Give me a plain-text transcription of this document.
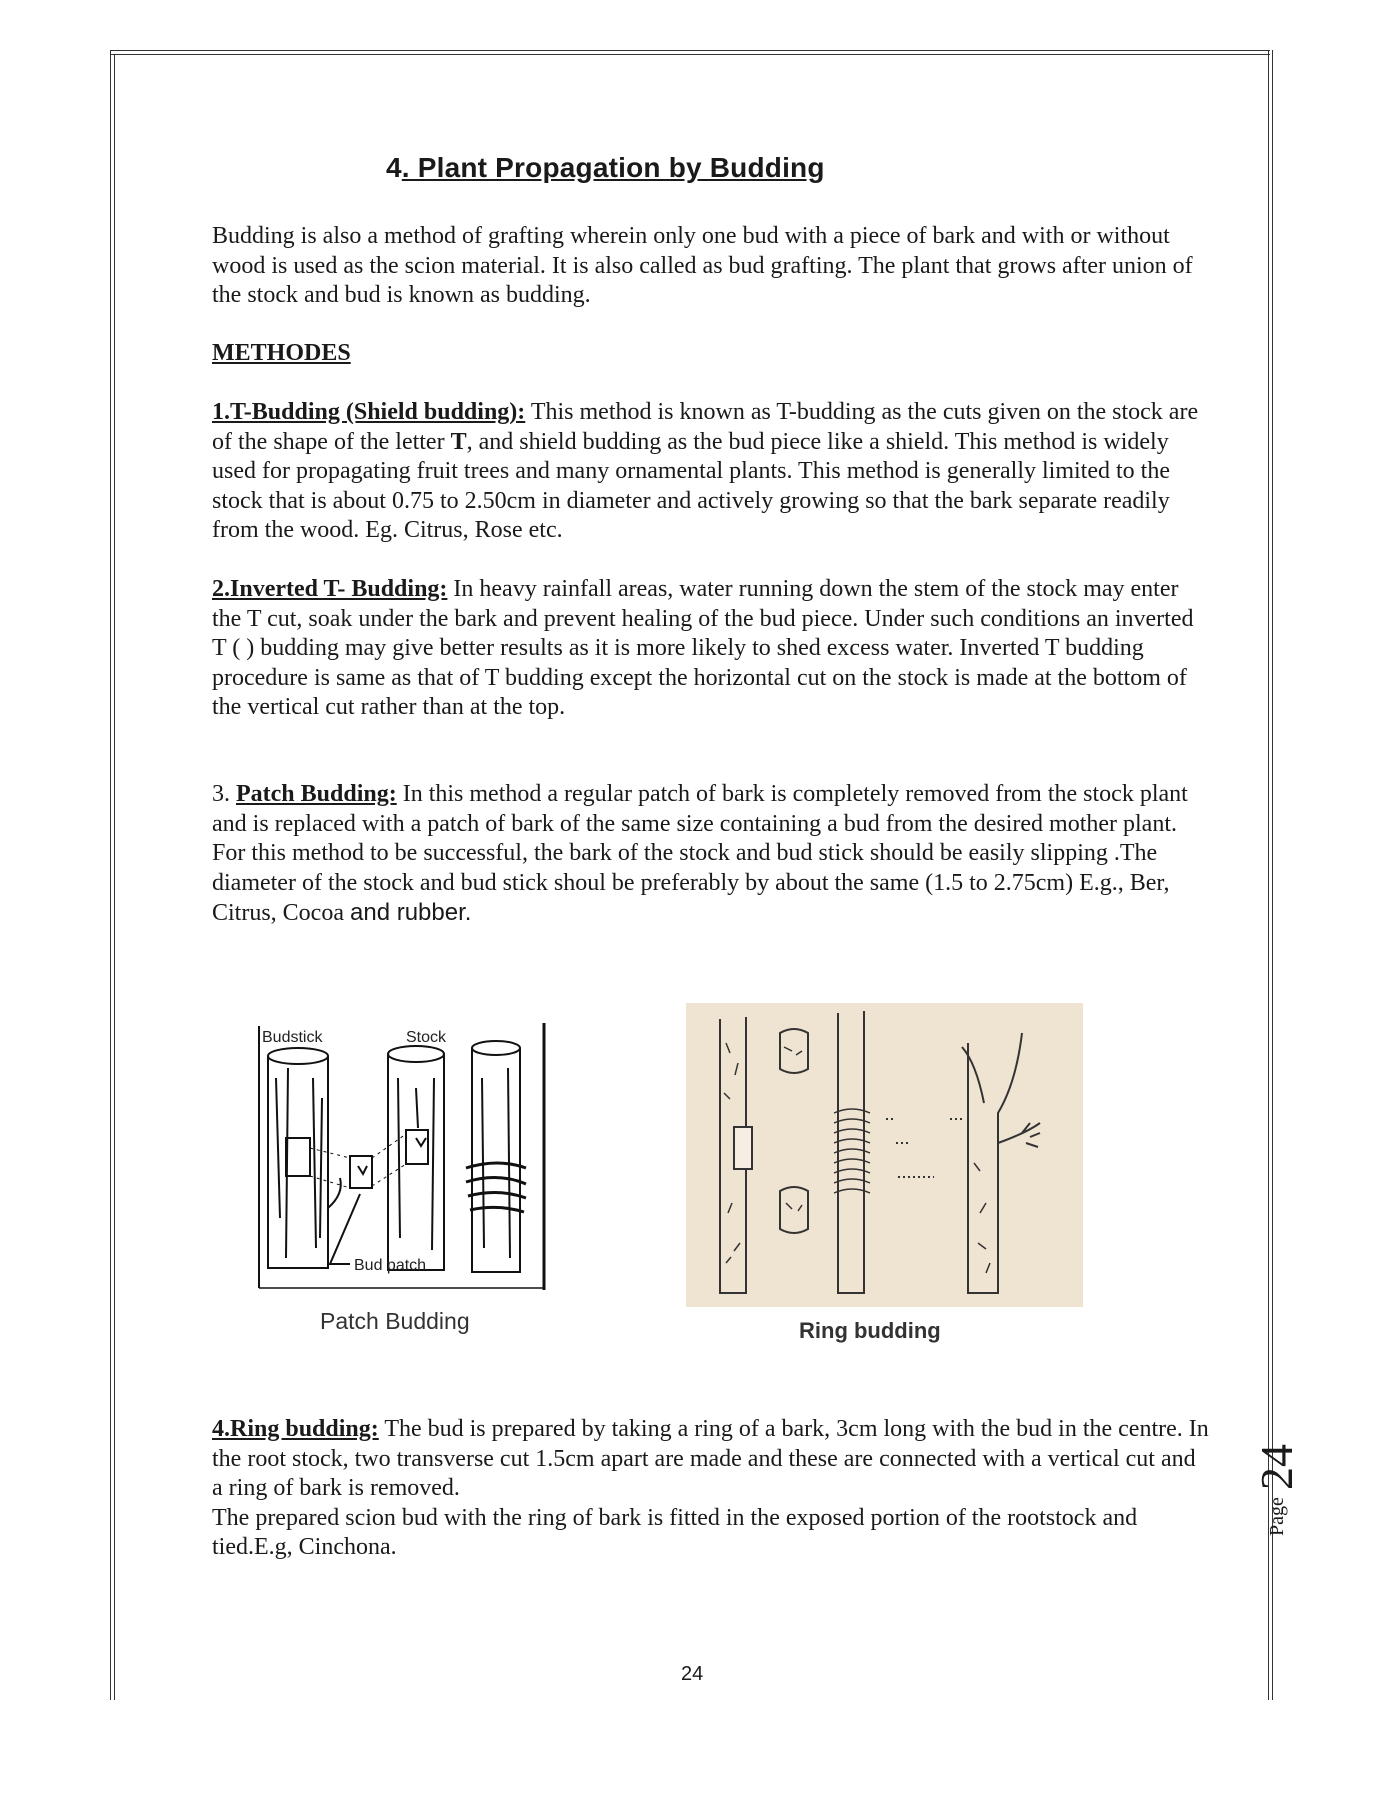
4. Plant Propagation by Budding
Budding is also a method of grafting wherein only one bud with a piece of bark and with or without wood is used as the scion material. It is also called as bud grafting. The plant that grows after union of the stock and bud is known as budding.
METHODES
1.T-Budding (Shield budding): This method is known as T-budding as the cuts given on the stock are of the shape of the letter T, and shield budding as the bud piece like a shield. This method is widely used for propagating fruit trees and many ornamental plants. This method is generally limited to the stock that is about 0.75 to 2.50cm in diameter and actively growing so that the bark separate readily from the wood. Eg. Citrus, Rose etc.
2.Inverted T- Budding: In heavy rainfall areas, water running down the stem of the stock may enter the T cut, soak under the bark and prevent healing of the bud piece. Under such conditions an inverted T ( ) budding may give better results as it is more likely to shed excess water. Inverted T budding procedure is same as that of T budding except the horizontal cut on the stock is made at the bottom of the vertical cut rather than at the top.
3. Patch Budding: In this method a regular patch of bark is completely removed from the stock plant and is replaced with a patch of bark of the same size containing a bud from the desired mother plant. For this method to be successful, the bark of the stock and bud stick should be easily slipping .The diameter of the stock and bud stick shoul be preferably by about the same (1.5 to 2.75cm) E.g., Ber, Citrus, Cocoa and rubber.
Budstick	Stock
Bud patch
Patch Budding	Ring budding
4.Ring budding: The bud is prepared by taking a ring of a bark, 3cm long with the bud in the centre. In the root stock, two transverse cut 1.5cm apart are made and these are connected with a vertical cut and a ring of bark is removed.
The prepared scion bud with the ring of bark is fitted in the exposed portion of the rootstock and tied.E.g, Cinchona.
Page
24
24
